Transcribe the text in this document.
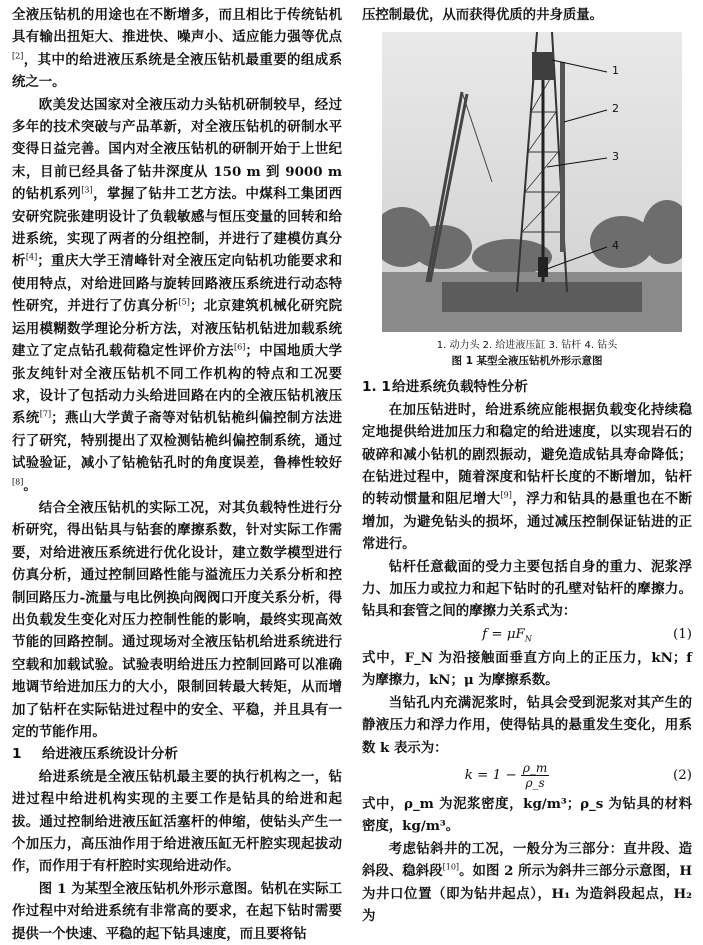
全液压钻机的用途也在不断增多，而且相比于传统钻机具有输出扭矩大、推进快、噪声小、适应能力强等优点[2]，其中的给进液压系统是全液压钻机最重要的组成系统之一。

欧美发达国家对全液压动力头钻机研制较早，经过多年的技术突破与产品革新，对全液压钻机的研制水平变得日益完善。国内对全液压钻机的研制开始于上世纪末，目前已经具备了钻井深度从 150 m 到 9000 m 的钻机系列[3]，掌握了钻井工艺方法。中煤科工集团西安研究院张建明设计了负载敏感与恒压变量的回转和给进系统，实现了两者的分组控制，并进行了建模仿真分析[4]；重庆大学王清峰针对全液压定向钻机功能要求和使用特点，对给进回路与旋转回路液压系统进行动态特性研究，并进行了仿真分析[5]；北京建筑机械化研究院运用模糊数学理论分析方法，对液压钻机钻进加载系统建立了定点钻孔载荷稳定性评价方法[6]；中国地质大学张友纯针对全液压钻机不同工作机构的特点和工况要求，设计了包括动力头给进回路在内的全液压钻机液压系统[7]；燕山大学黄子斋等对钻机钻桅纠偏控制方法进行了研究，特别提出了双检测钻桅纠偏控制系统，通过试验验证，减小了钻桅钻孔时的角度误差，鲁棒性较好[8]。

结合全液压钻机的实际工况，对其负载特性进行分析研究，得出钻具与钻套的摩擦系数，针对实际工作需要，对给进液压系统进行优化设计，建立数学模型进行仿真分析，通过控制回路性能与溢流压力关系分析和控制回路压力-流量与电比例换向阀阀口开度关系分析，得出负载发生变化对压力控制性能的影响，最终实现高效节能的回路控制。通过现场对全液压钻机给进系统进行空载和加载试验。试验表明给进压力控制回路可以准确地调节给进加压力的大小，限制回转最大转矩，从而增加了钻杆在实际钻进过程中的安全、平稳，并且具有一定的节能作用。

1 给进液压系统设计分析

给进系统是全液压钻机最主要的执行机构之一，钻进过程中给进机构实现的主要工作是钻具的给进和起拔。通过控制给进液压缸活塞杆的伸缩，使钻头产生一个加压力，高压油作用于给进液压缸无杆腔实现起拔动作，而作用于有杆腔时实现给进动作。

图 1 为某型全液压钻机外形示意图。钻机在实际工作过程中对给进系统有非常高的要求，在起下钻时需要提供一个快速、平稳的起下钻具速度，而且要将钻

压控制最优，从而获得优质的井身质量。

1
2
3
4
1. 动力头 2. 给进液压缸 3. 钻杆 4. 钻头
图 1 某型全液压钻机外形示意图
1. 1给进系统负载特性分析

在加压钻进时，给进系统应能根据负载变化持续稳定地提供给进加压力和稳定的给进速度，以实现岩石的破碎和减小钻机的剧烈振动，避免造成钻具寿命降低；在钻进过程中，随着深度和钻杆长度的不断增加，钻杆的转动惯量和阻尼增大[9]，浮力和钻具的悬重也在不断增加，为避免钻头的损坏，通过减压控制保证钻进的正常进行。

钻杆任意截面的受力主要包括自身的重力、泥浆浮力、加压力或拉力和起下钻时的孔壁对钻杆的摩擦力。钻具和套管之间的摩擦力关系式为：

$f = \mu F_N$	(1)

式中，F_N 为沿接触面垂直方向上的正压力，kN；f 为摩擦力，kN；μ 为摩擦系数。

当钻孔内充满泥浆时，钻具会受到泥浆对其产生的静液压力和浮力作用，使得钻具的悬重发生变化，用系数 k 表示为：

$k = 1 - \frac{\rho\_m}{\rho\_s}$	(2)

式中，ρ_m 为泥浆密度，kg/m³；ρ_s 为钻具的材料密度，kg/m³。

考虑钻斜井的工况，一般分为三部分：直井段、造斜段、稳斜段[10]。如图 2 所示为斜井三部分示意图，H 为井口位置（即为钻井起点），H₁ 为造斜段起点，H₂ 为
